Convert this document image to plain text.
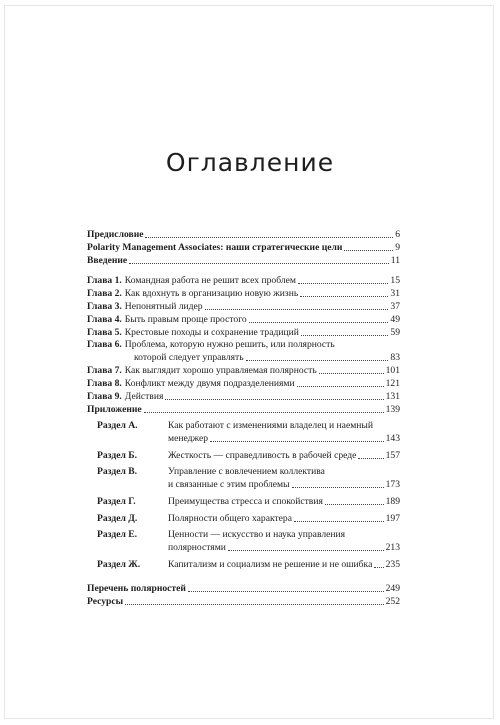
Оглавление
Предисловие	6
Polarity Management Associates: наши стратегические цели	9
Введение	11
Глава 1. Командная работа не решит всех проблем	15
Глава 2. Как вдохнуть в организацию новую жизнь	31
Глава 3. Непонятный лидер	37
Глава 4. Быть правым проще простого	49
Глава 5. Крестовые походы и сохранение традиций	59
Глава 6. Проблема, которую нужно решить, или полярность
которой следует управлять	83
Глава 7. Как выглядит хорошо управляемая полярность	101
Глава 8. Конфликт между двумя подразделениями	121
Глава 9. Действия	131
Приложение	139
Раздел А.	Как работают с изменениями владелец и наемный
менеджер	143
Раздел Б.	Жесткость — справедливость в рабочей среде	157
Раздел В.	Управление с вовлечением коллектива
и связанные с этим проблемы	173
Раздел Г.	Преимущества стресса и спокойствия	189
Раздел Д.	Полярности общего характера	197
Раздел Е.	Ценности — искусство и наука управления
полярностями	213
Раздел Ж.	Капитализм и социализм не решение и не ошибка 235
Перечень полярностей	249
Ресурсы	252
